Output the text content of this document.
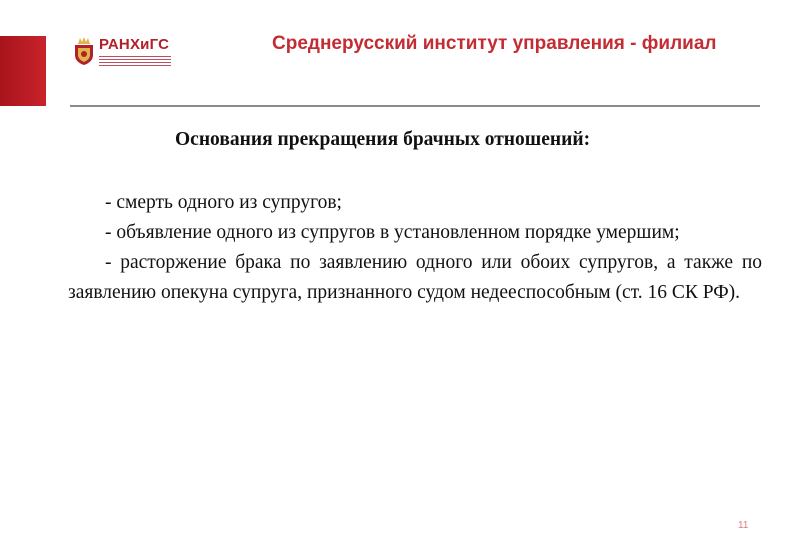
РАНХиГС	Среднерусский институт управления - филиал
Основания прекращения брачных отношений:

- смерть одного из супругов;

- объявление одного из супругов в установленном порядке умершим;

- расторжение брака по заявлению одного или обоих супругов, а также по заявлению опекуна супруга, признанного судом недееспособным (ст. 16 СК РФ).

11
